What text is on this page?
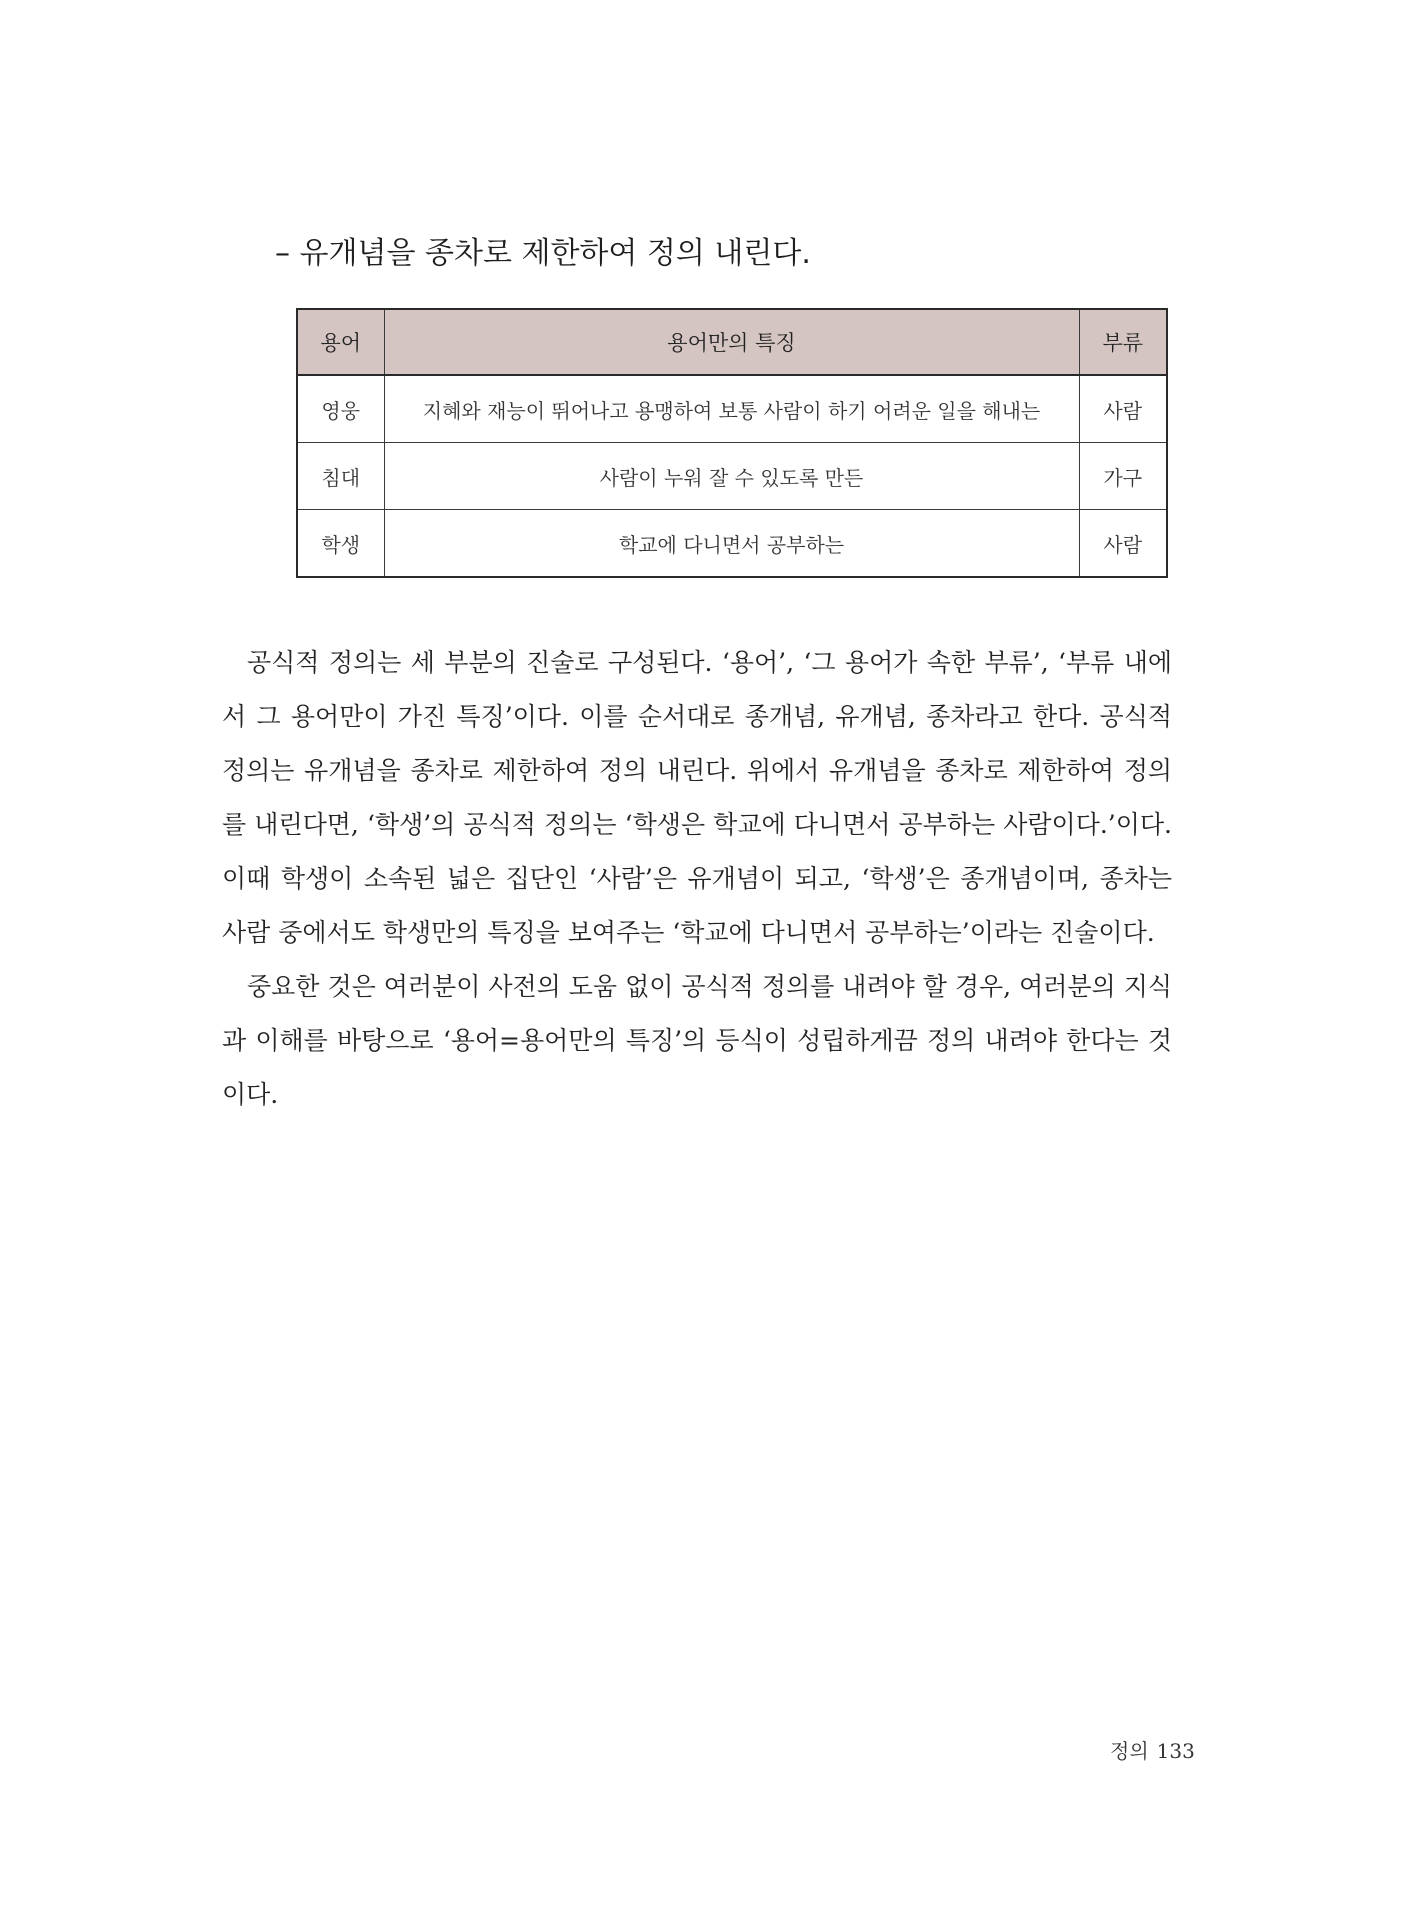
– 유개념을 종차로 제한하여 정의 내린다.
용어	용어만의 특징	부류
영웅	지혜와 재능이 뛰어나고 용맹하여 보통 사람이 하기 어려운 일을 해내는	사람
침대	사람이 누워 잘 수 있도록 만든	가구
학생	학교에 다니면서 공부하는	사람

공식적 정의는 세 부분의 진술로 구성된다. ‘용어’, ‘그 용어가 속한 부류’, ‘부류 내에서 그 용어만이 가진 특징’이다. 이를 순서대로 종개념, 유개념, 종차라고 한다. 공식적 정의는 유개념을 종차로 제한하여 정의 내린다. 위에서 유개념을 종차로 제한하여 정의를 내린다면, ‘학생’의 공식적 정의는 ‘학생은 학교에 다니면서 공부하는 사람이다.’이다. 이때 학생이 소속된 넓은 집단인 ‘사람’은 유개념이 되고, ‘학생’은 종개념이며, 종차는 사람 중에서도 학생만의 특징을 보여주는 ‘학교에 다니면서 공부하는’이라는 진술이다.

중요한 것은 여러분이 사전의 도움 없이 공식적 정의를 내려야 할 경우, 여러분의 지식과 이해를 바탕으로 ‘용어=용어만의 특징’의 등식이 성립하게끔 정의 내려야 한다는 것이다.

정의 133
